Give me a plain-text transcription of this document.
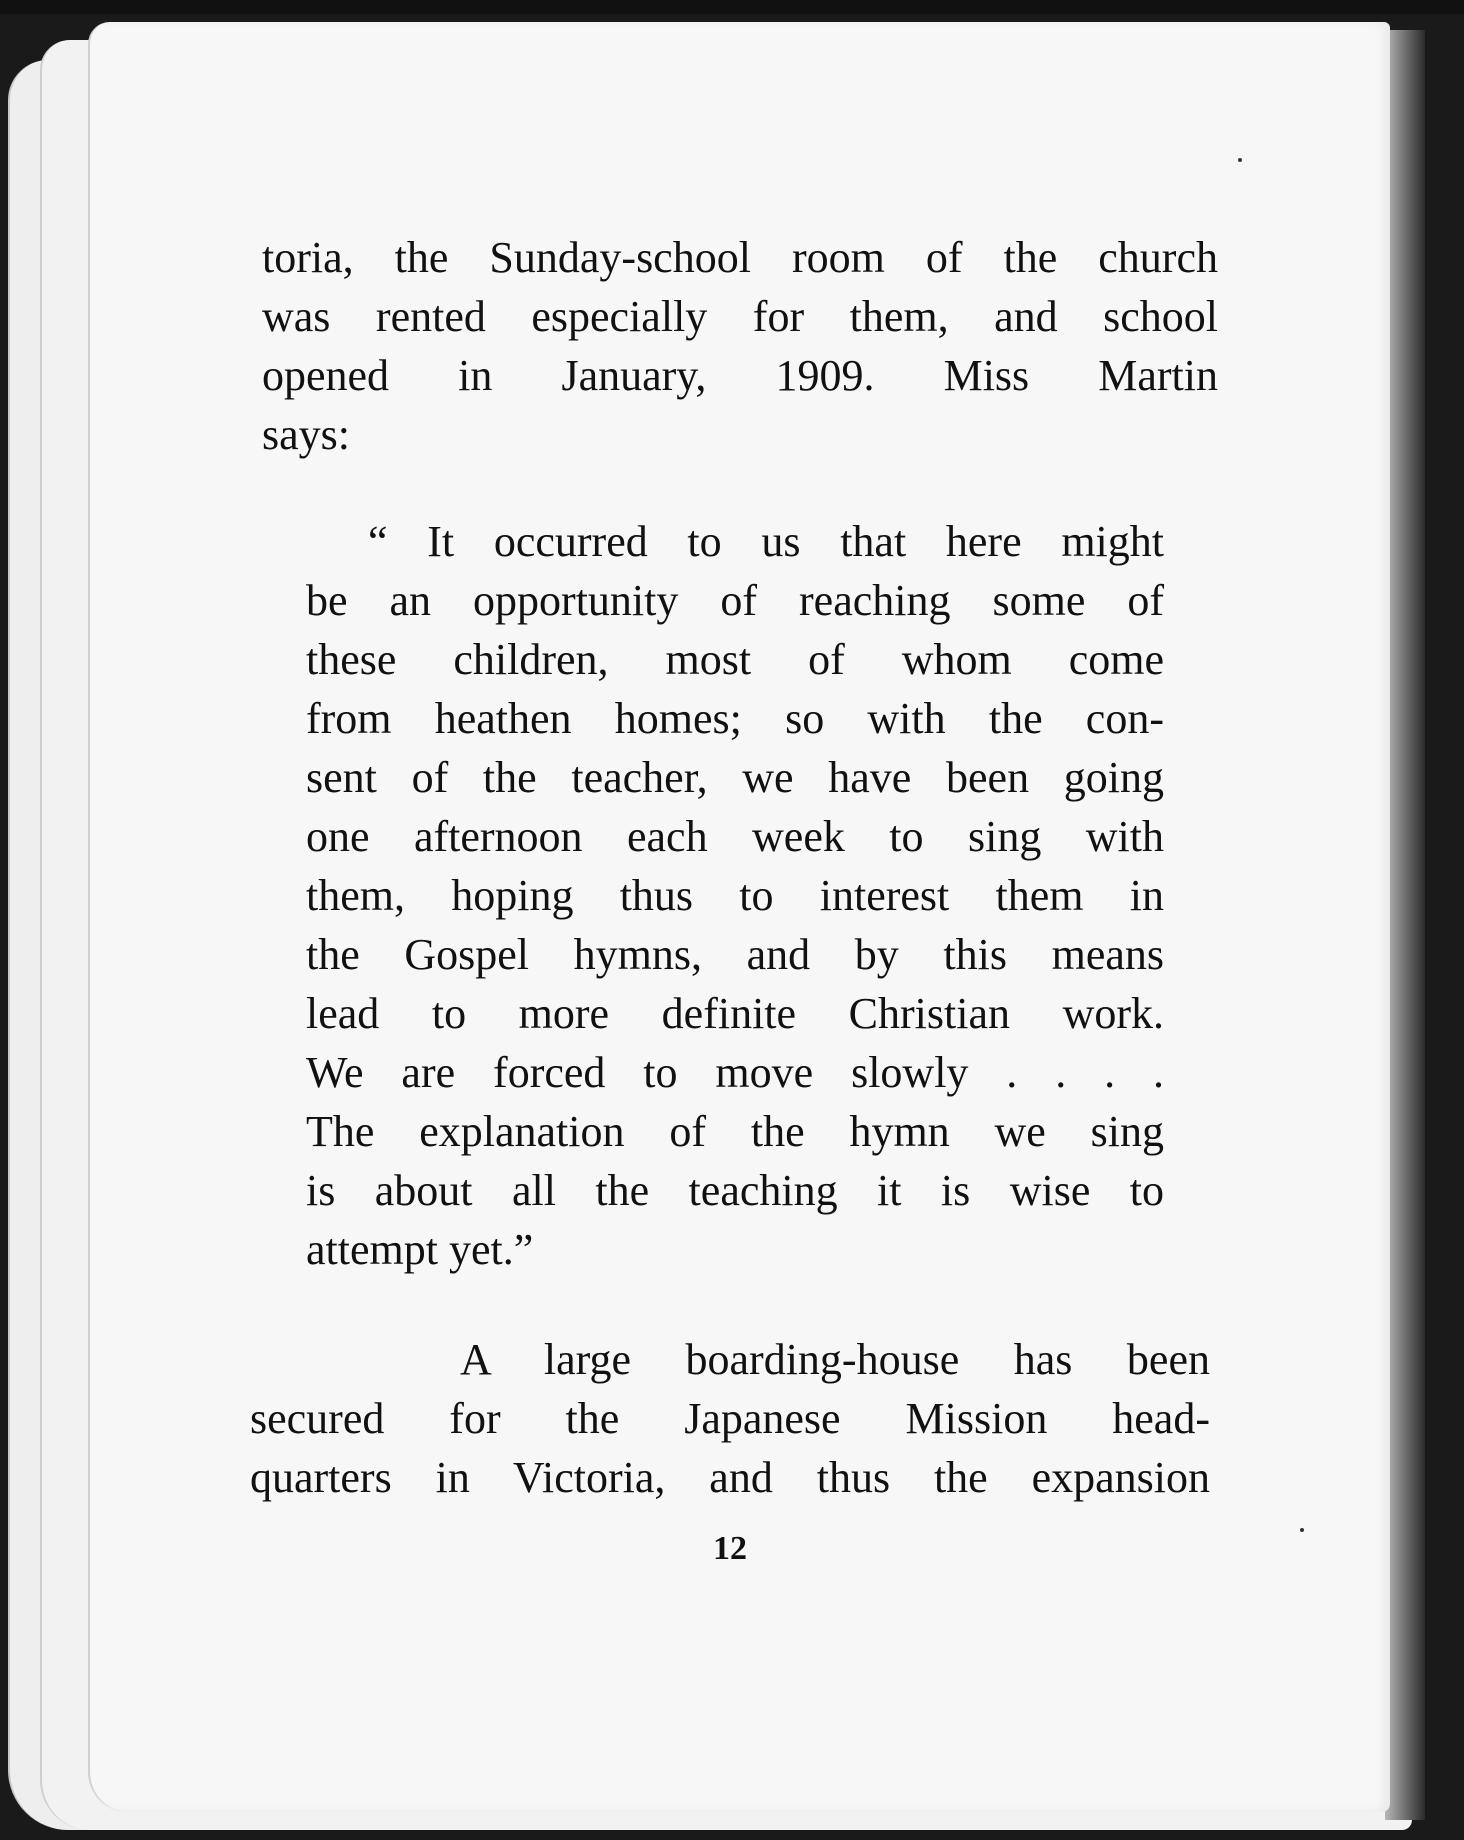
toria, the Sunday-school room of the church
was rented especially for them, and school
opened in January, 1909. Miss Martin
says:
“ It occurred to us that here might
be an opportunity of reaching some of
these children, most of whom come
from heathen homes; so with the con-
sent of the teacher, we have been going
one afternoon each week to sing with
them, hoping thus to interest them in
the Gospel hymns, and by this means
lead to more definite Christian work.
We are forced to move slowly . . . .
The explanation of the hymn we sing
is about all the teaching it is wise to
attempt yet.”
A large boarding-house has been
secured for the Japanese Mission head-
quarters in Victoria, and thus the expansion
12
